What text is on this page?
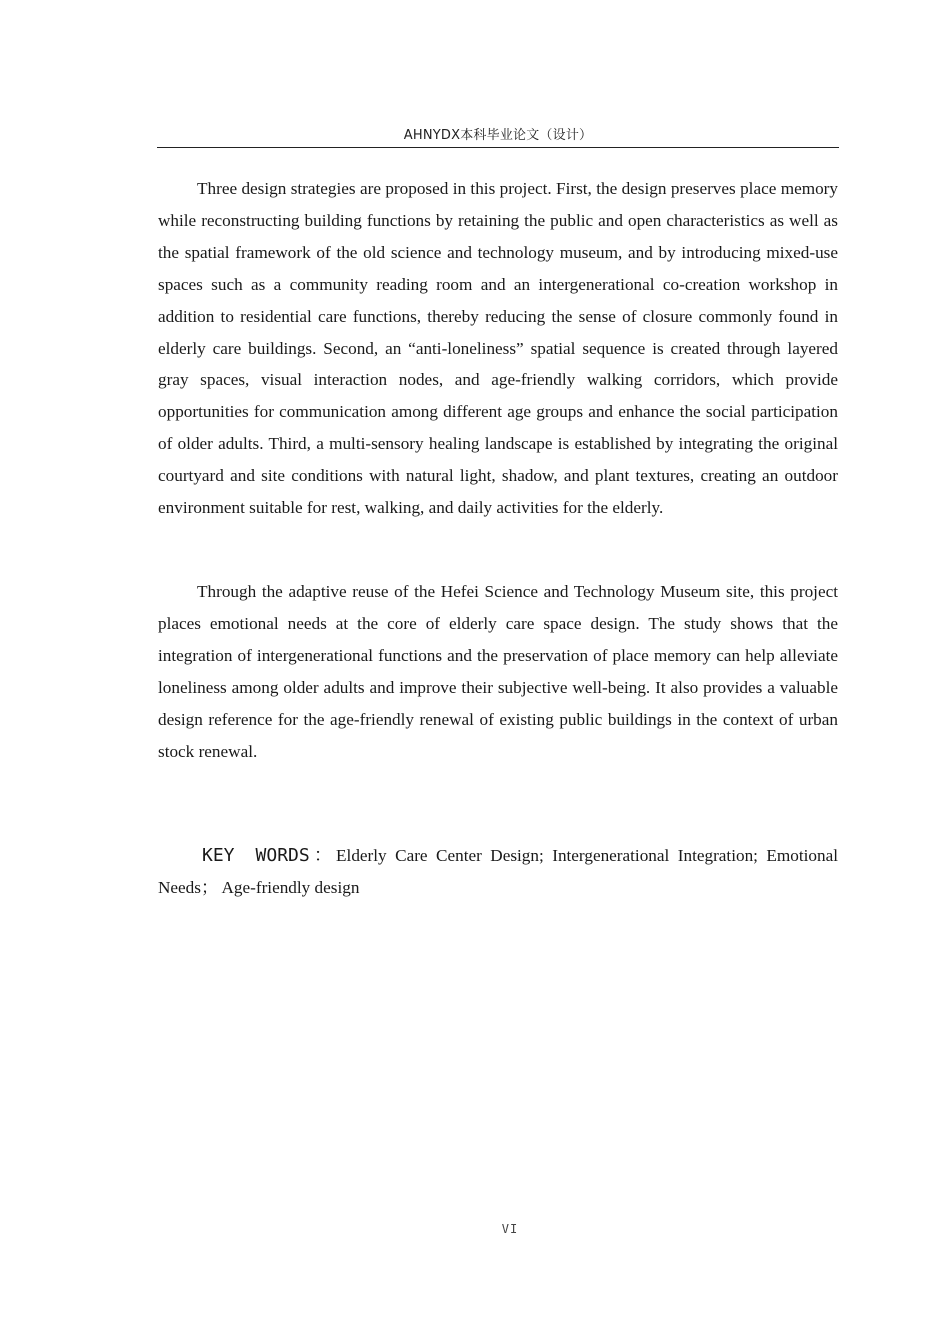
AHNYDX本科毕业论文（设计）

Three design strategies are proposed in this project. First, the design preserves place memory while reconstructing building functions by retaining the public and open characteristics as well as the spatial framework of the old science and technology museum, and by introducing mixed-use spaces such as a community reading room and an intergenerational co-creation workshop in addition to residential care functions, thereby reducing the sense of closure commonly found in elderly care buildings. Second, an “anti-loneliness” spatial sequence is created through layered gray spaces, visual interaction nodes, and age-friendly walking corridors, which provide opportunities for communication among different age groups and enhance the social participation of older adults. Third, a multi-sensory healing landscape is established by integrating the original courtyard and site conditions with natural light, shadow, and plant textures, creating an outdoor environment suitable for rest, walking, and daily activities for the elderly.

Through the adaptive reuse of the Hefei Science and Technology Museum site, this project places emotional needs at the core of elderly care space design. The study shows that the integration of intergenerational functions and the preservation of place memory can help alleviate loneliness among older adults and improve their subjective well-being. It also provides a valuable design reference for the age-friendly renewal of existing public buildings in the context of urban stock renewal.

KEY WORDS：Elderly Care Center Design; Intergenerational Integration; Emotional Needs； Age-friendly design

VI
